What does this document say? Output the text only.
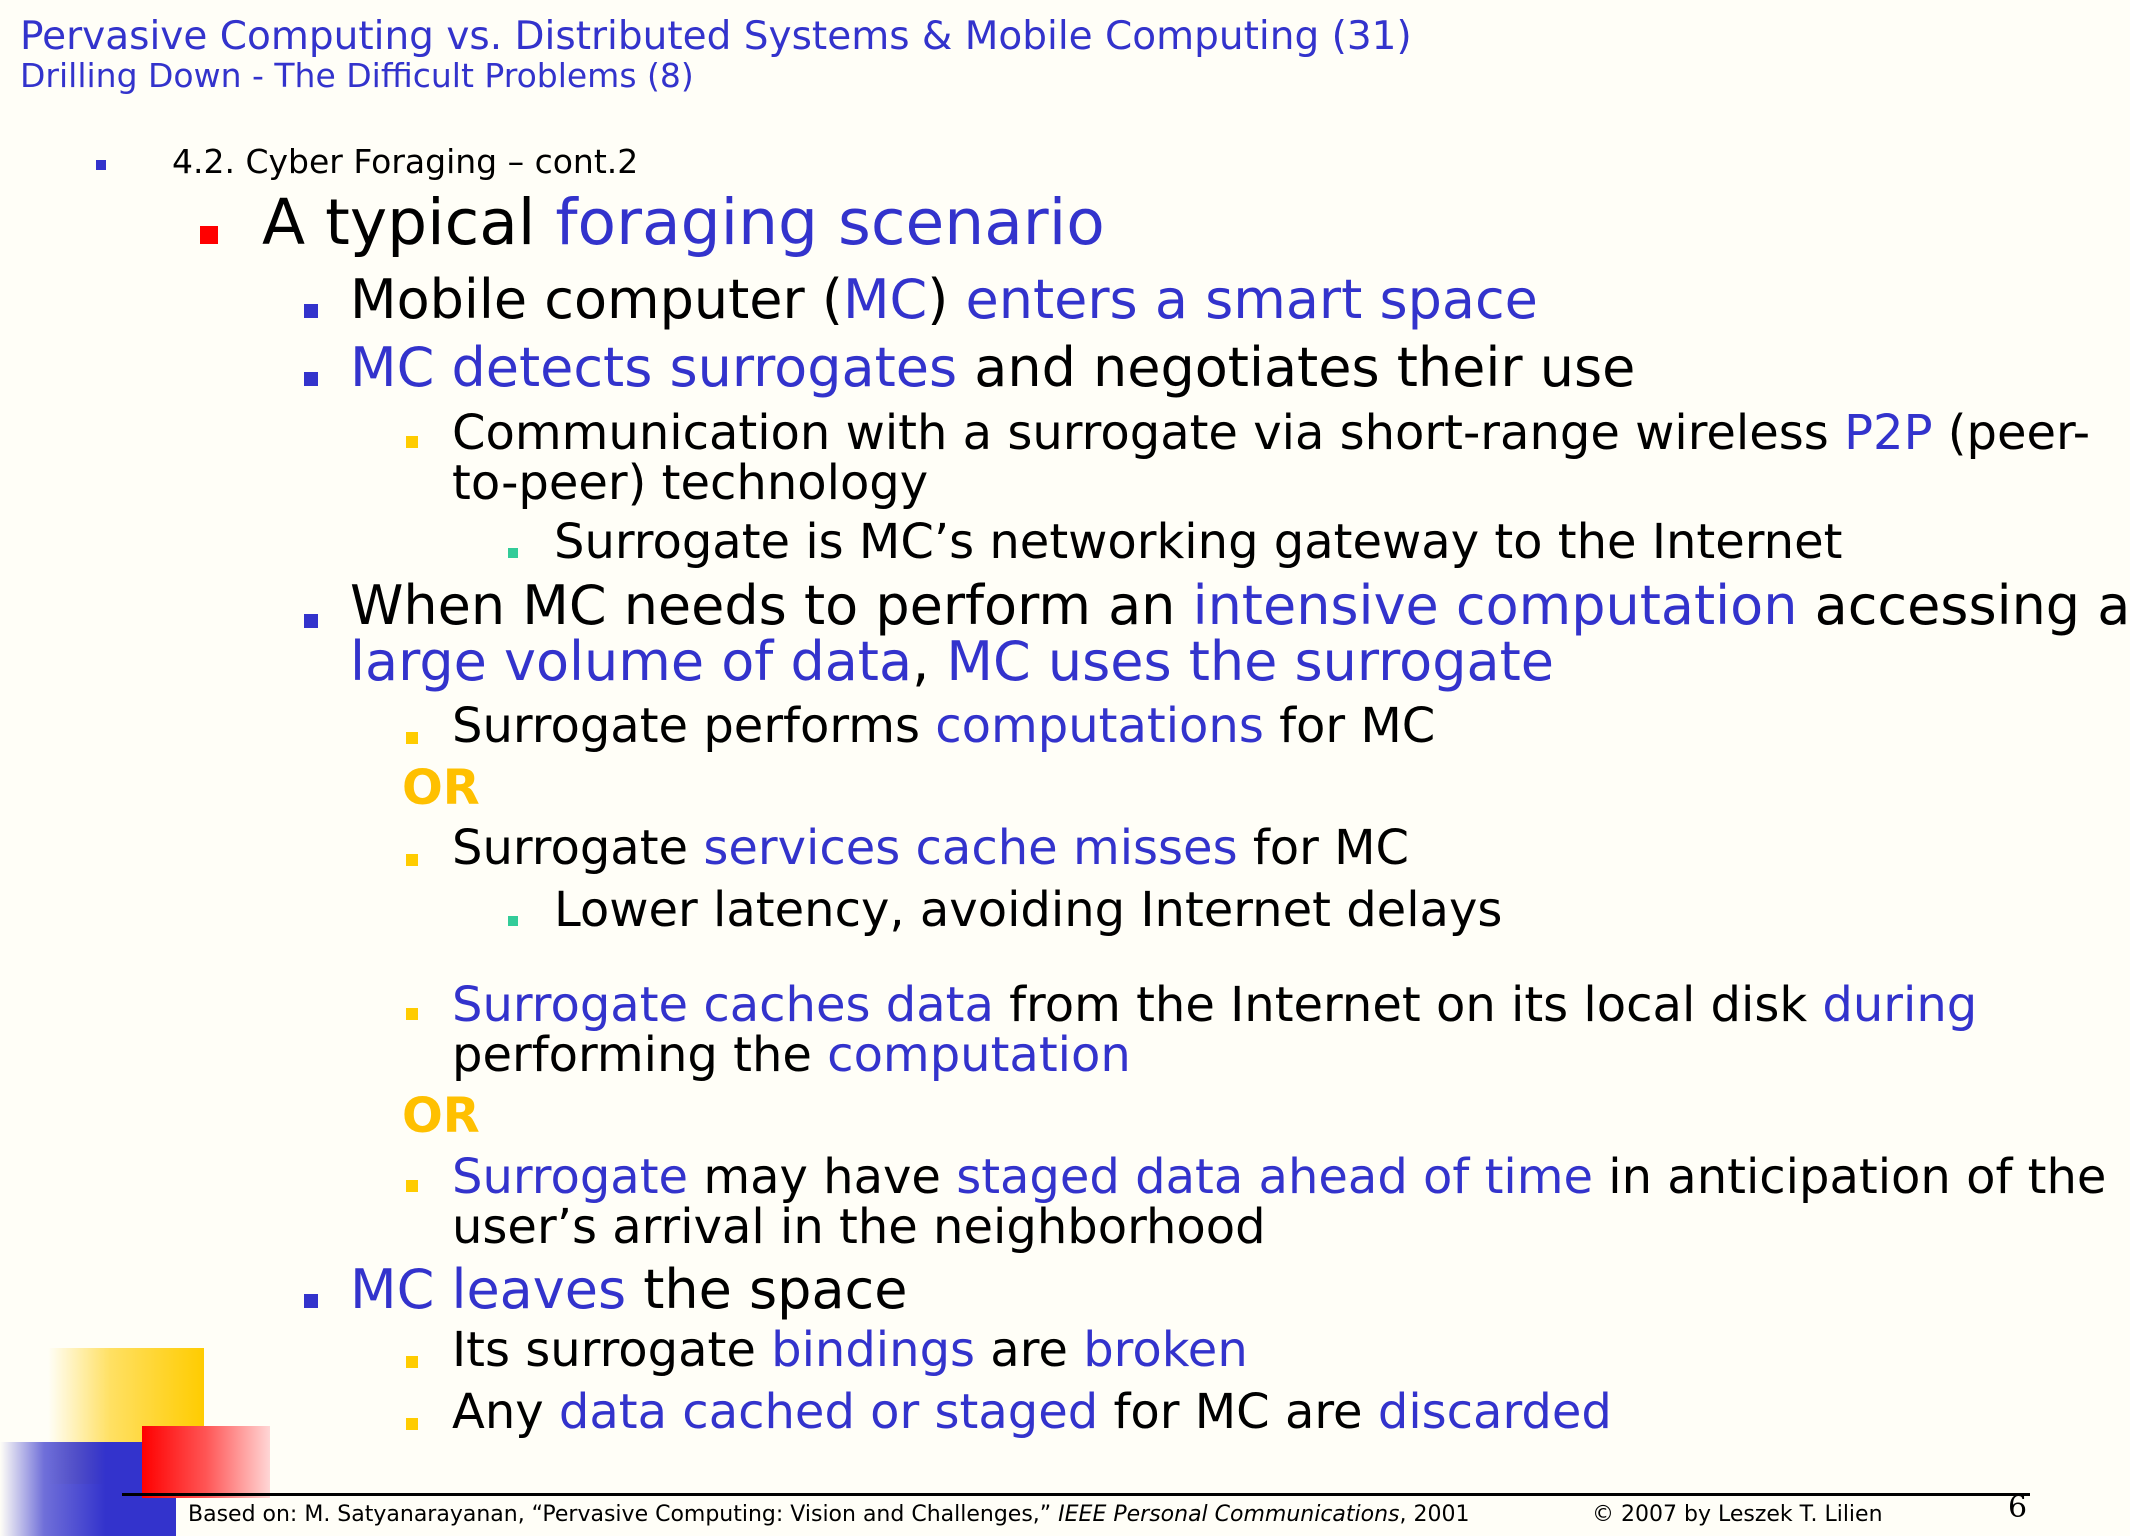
Pervasive Computing vs. Distributed Systems & Mobile Computing (31)
Drilling Down - The Difficult Problems (8)
4.2. Cyber Foraging – cont.2
A typical foraging scenario
Mobile computer (MC) enters a smart space
MC detects surrogates and negotiates their use
Communication with a surrogate via short-range wireless P2P (peer-
to-peer) technology
Surrogate is MC’s networking gateway to the Internet
When MC needs to perform an intensive computation accessing a
large volume of data, MC uses the surrogate
Surrogate performs computations for MC
OR
Surrogate services cache misses for MC
Lower latency, avoiding Internet delays
Surrogate caches data from the Internet on its local disk during
performing the computation
OR
Surrogate may have staged data ahead of time in anticipation of the
user’s arrival in the neighborhood
MC leaves the space
Its surrogate bindings are broken
Any data cached or staged for MC are discarded
Based on: M. Satyanarayanan, “Pervasive Computing: Vision and Challenges,” IEEE Personal Communications, 2001	© 2007 by Leszek T. Lilien	6
